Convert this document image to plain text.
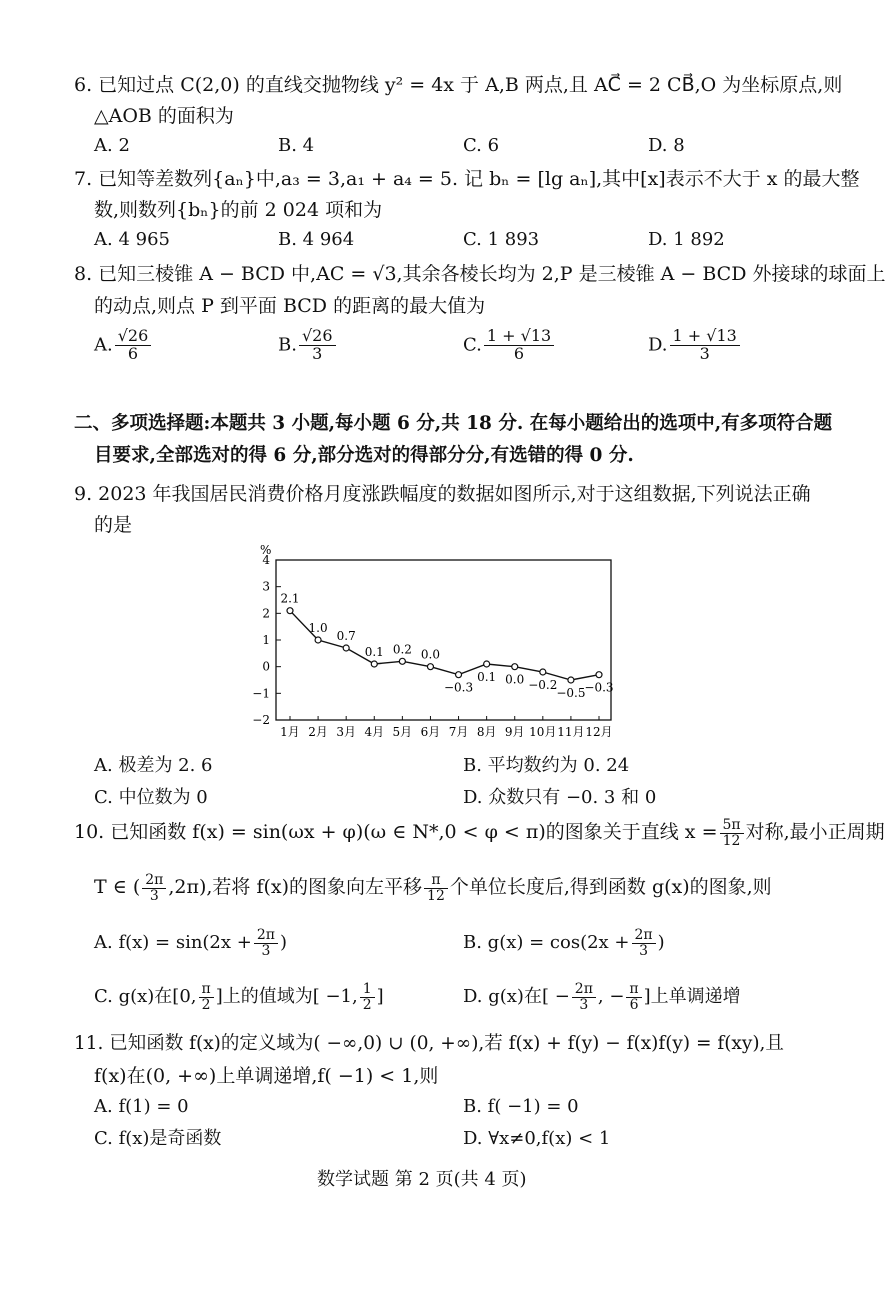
6. 已知过点 C(2,0) 的直线交抛物线 y² = 4x 于 A,B 两点,且 AC⃗ = 2 CB⃗,O 为坐标原点,则
△AOB 的面积为
A. 2	B. 4	C. 6	D. 8
7. 已知等差数列{aₙ}中,a₃ = 3,a₁ + a₄ = 5. 记 bₙ = [lg aₙ],其中[x]表示不大于 x 的最大整
数,则数列{bₙ}的前 2 024 项和为
A. 4 965	B. 4 964	C. 1 893	D. 1 892
8. 已知三棱锥 A − BCD 中,AC = √3,其余各棱长均为 2,P 是三棱锥 A − BCD 外接球的球面上
的动点,则点 P 到平面 BCD 的距离的最大值为
A. $\frac{√26}{6}$	B. $\frac{√26}{3}$	C. $\frac{1 + √13}{6}$	D. $\frac{1 + √13}{3}$
二、多项选择题:本题共 3 小题,每小题 6 分,共 18 分. 在每小题给出的选项中,有多项符合题
目要求,全部选对的得 6 分,部分选对的得部分分,有选错的得 0 分.
9. 2023 年我国居民消费价格月度涨跌幅度的数据如图所示,对于这组数据,下列说法正确
的是
%
4
3
2
1
0
−1
−2
1月 2月 3月 4月 5月 6月 7月 8月 9月 10月 11月 12月
2.1
1.0
0.7
0.1 0.2 0.0
−0.3
0.1 0.0 −0.2
−0.5
−0.3
A. 极差为 2. 6	B. 平均数约为 0. 24
C. 中位数为 0	D. 众数只有 −0. 3 和 0
10. 已知函数 f(x) = sin(ωx + φ)(ω ∈ N*,0 < φ < π)的图象关于直线 $x = \frac{5\pi}{12}$ 对称,最小正周期
T ∈ ( $\frac{2\pi}{3} ,2\pi$),若将 f(x)的图象向左平移 $\frac{\pi}{12}$ 个单位长度后,得到函数 g(x)的图象,则
A. $f(x) = \sin(2x + \frac{2\pi}{3}$ )	B. $g(x) = \cos(2x + \frac{2\pi}{3}$ )
C. g(x)在[0, $\frac{\pi}{2}$ ]上的值域为[ −1, $\frac{1}{2}$ ]	D. g(x)在[ − $\frac{2\pi}{3}$ , − $\frac{\pi}{6}$ ]上单调递增
11. 已知函数 f(x)的定义域为( −∞,0) ∪ (0, +∞),若 f(x) + f(y) − f(x)f(y) = f(xy),且
f(x)在(0, +∞)上单调递增,f( −1) < 1,则
A. f(1) = 0	B. f( −1) = 0
C. f(x)是奇函数	D. ∀x≠0,f(x) < 1
数学试题 第 2 页(共 4 页)
